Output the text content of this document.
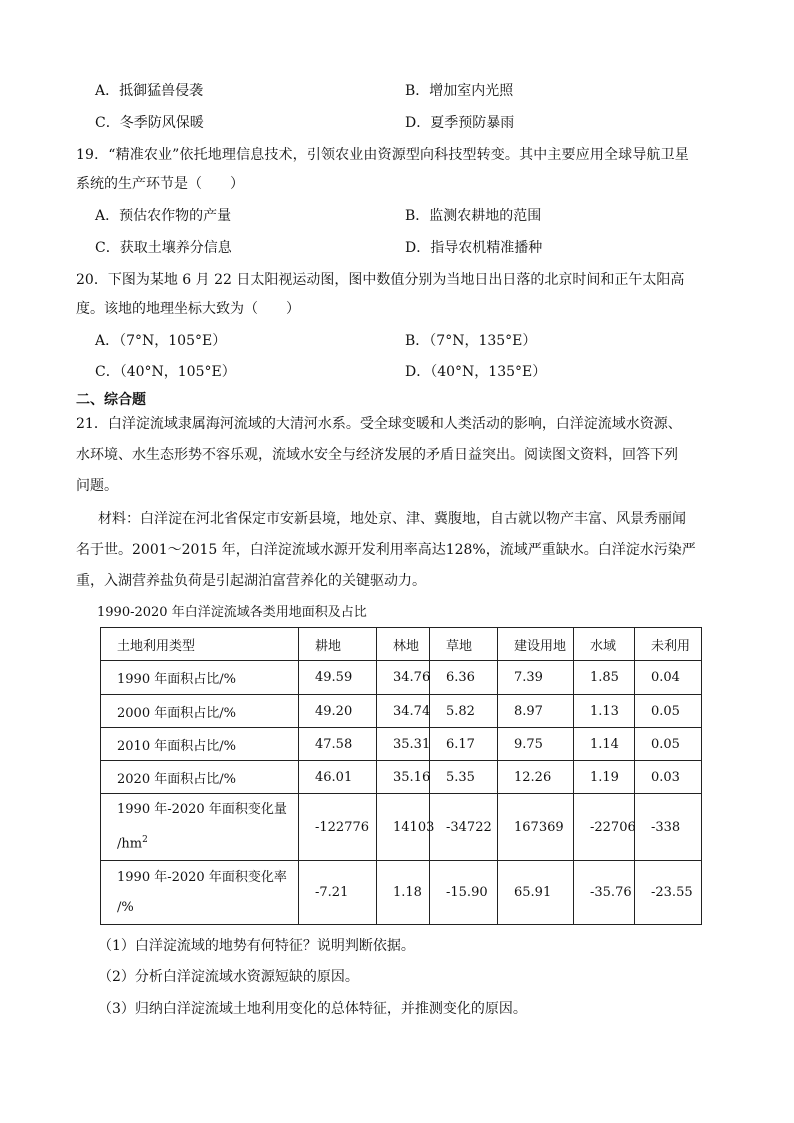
A．抵御猛兽侵袭	B．增加室内光照
C．冬季防风保暖	D．夏季预防暴雨
19．“精准农业”依托地理信息技术，引领农业由资源型向科技型转变。其中主要应用全球导航卫星
系统的生产环节是（　　）
A．预估农作物的产量	B．监测农耕地的范围
C．获取土壤养分信息	D．指导农机精准播种
20．下图为某地 6 月 22 日太阳视运动图，图中数值分别为当地日出日落的北京时间和正午太阳高
度。该地的地理坐标大致为（　　）
A．（7°N，105°E）	B．（7°N，135°E）
C．（40°N，105°E）	D．（40°N，135°E）
二、综合题
21．白洋淀流域隶属海河流域的大清河水系。受全球变暖和人类活动的影响，白洋淀流域水资源、
水环境、水生态形势不容乐观，流域水安全与经济发展的矛盾日益突出。阅读图文资料，回答下列
问题。
材料：白洋淀在河北省保定市安新县境，地处京、津、冀腹地，自古就以物产丰富、风景秀丽闻
名于世。2001～2015 年，白洋淀流域水源开发利用率高达128%，流域严重缺水。白洋淀水污染严
重，入湖营养盐负荷是引起湖泊富营养化的关键驱动力。
1990-2020 年白洋淀流域各类用地面积及占比
土地利用类型	耕地	林地	草地	建设用地	水域	未利用
1990 年面积占比/%	49.59	34.76	6.36	7.39	1.85	0.04
2000 年面积占比/%	49.20	34.74	5.82	8.97	1.13	0.05
2010 年面积占比/%	47.58	35.31	6.17	9.75	1.14	0.05
2020 年面积占比/%	46.01	35.16	5.35	12.26	1.19	0.03
1990 年-2020 年面积变化量
$/hm^2$	-122776	14103	-34722	167369	-22706	-338
1990 年-2020 年面积变化率
/%	-7.21	1.18	-15.90	65.91	-35.76	-23.55
（1）白洋淀流域的地势有何特征？说明判断依据。
（2）分析白洋淀流域水资源短缺的原因。
（3）归纳白洋淀流域土地利用变化的总体特征，并推测变化的原因。
